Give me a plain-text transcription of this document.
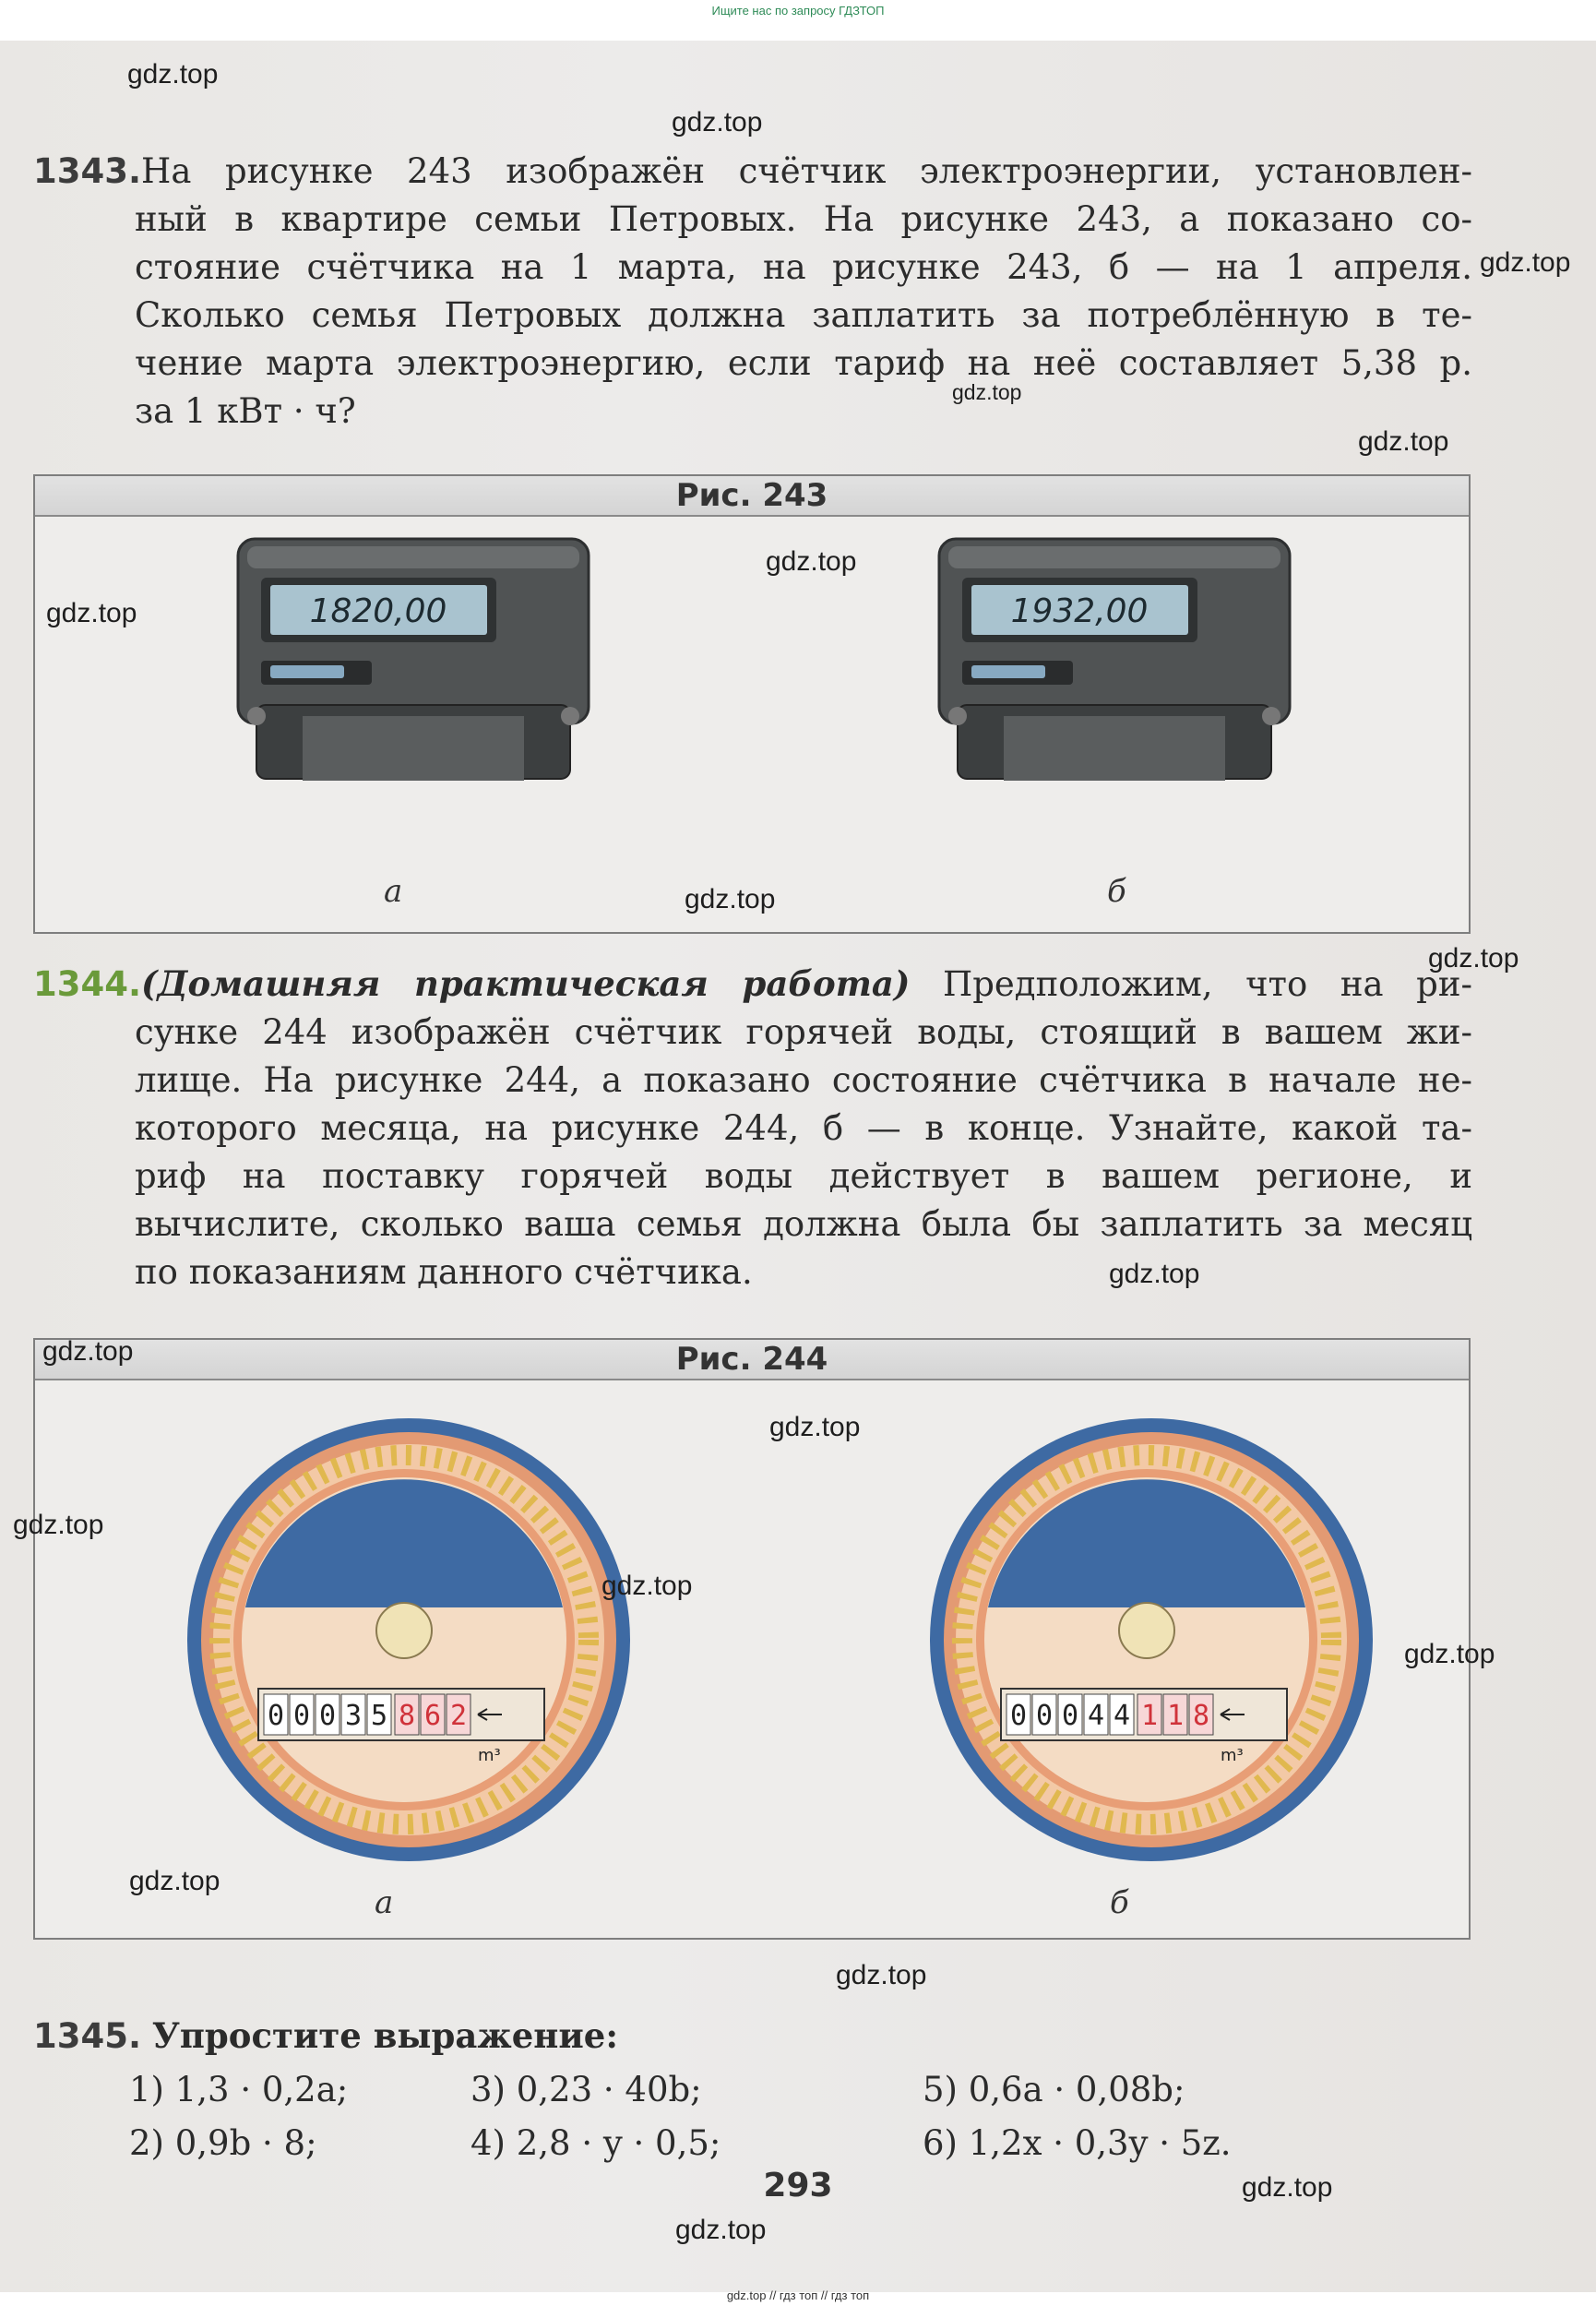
Ищите нас по запросу ГДЗТОП
1343.На рисунке 243 изображён счётчик электроэнергии, установлен-
ный в квартире семьи Петровых. На рисунке 243, а показано со-
стояние счётчика на 1 марта, на рисунке 243, б — на 1 апреля.
Сколько семья Петровых должна заплатить за потреблённую в те-
чение марта электроэнергию, если тариф на неё составляет 5,38 р.
за 1 кВт · ч?
Рис. 243
1820,00
а
1932,00
б
1344.(Домашняя практическая работа) Предположим, что на ри-
сунке 244 изображён счётчик горячей воды, стоящий в вашем жи-
лище. На рисунке 244, а показано состояние счётчика в начале не-
которого месяца, на рисунке 244, б — в конце. Узнайте, какой та-
риф на поставку горячей воды действует в вашем регионе, и
вычислите, сколько ваша семья должна была бы заплатить за месяц
по показаниям данного счётчика.
Рис. 244
0 0 0 3 5 8 6 2
m³
а
0 0 0 4 4 1 1 8
m³
б
1345. Упростите выражение:
1) 1,3 · 0,2a;	3) 0,23 · 40b;	5) 0,6a · 0,08b;
2) 0,9b · 8;	4) 2,8 · y · 0,5;	6) 1,2x · 0,3y · 5z.
293
gdz.top
gdz.top
gdz.top
gdz.top
gdz.top
gdz.top
gdz.top
gdz.top
gdz.top
gdz.top
gdz.top
gdz.top
gdz.top
gdz.top
gdz.top
gdz.top
gdz.top
gdz.top
gdz.top
gdz.top // гдз топ // гдз топ
